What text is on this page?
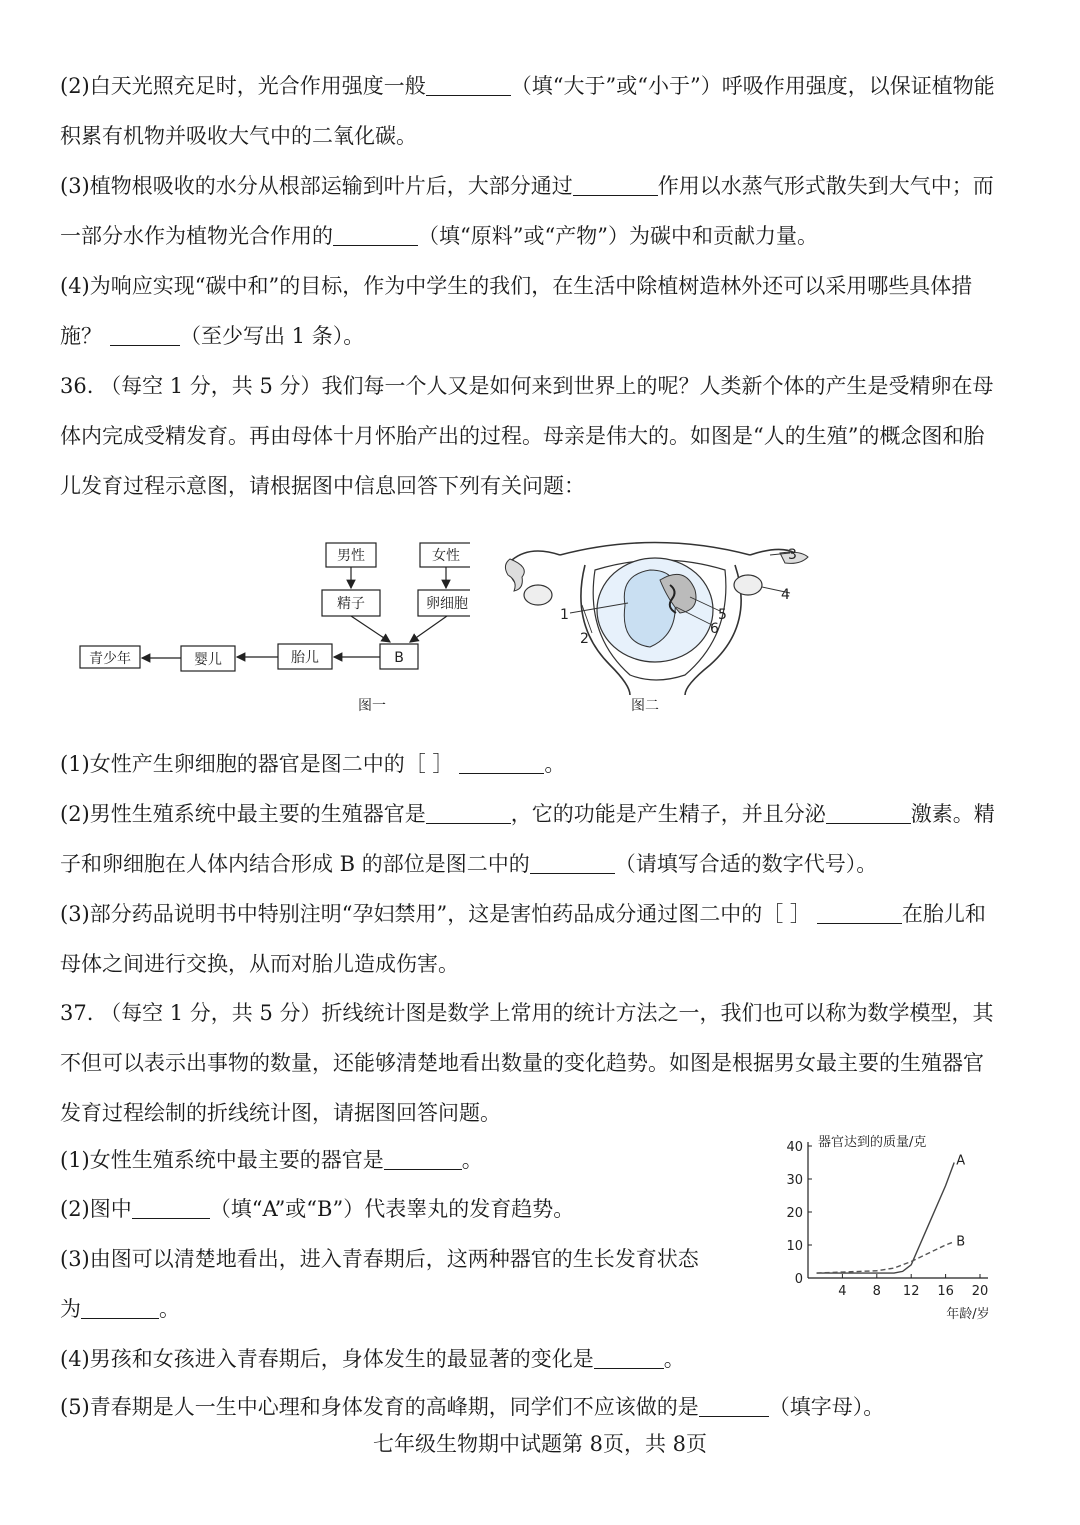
(2)白天光照充足时，光合作用强度一般	（填“大于”或“小于”）呼吸作用强度，以保证植物能
积累有机物并吸收大气中的二氧化碳。
(3)植物根吸收的水分从根部运输到叶片后，大部分通过	作用以水蒸气形式散失到大气中；而
一部分水作为植物光合作用的	（填“原料”或“产物”）为碳中和贡献力量。
(4)为响应实现“碳中和”的目标，作为中学生的我们，在生活中除植树造林外还可以采用哪些具体措
施？	（至少写出 1 条）。
36. （每空 1 分，共 5 分）我们每一个人又是如何来到世界上的呢？人类新个体的产生是受精卵在母
体内完成受精发育。再由母体十月怀胎产出的过程。母亲是伟大的。如图是“人的生殖”的概念图和胎
儿发育过程示意图，请根据图中信息回答下列有关问题：
男性	女性
精子	卵细胞
B
胎儿
婴儿
青少年
图一
1
2
3
4
5
6
图二
(1)女性产生卵细胞的器官是图二中的［ ］	。
(2)男性生殖系统中最主要的生殖器官是	，它的功能是产生精子，并且分泌	激素。精
子和卵细胞在人体内结合形成 B 的部位是图二中的	（请填写合适的数字代号）。
(3)部分药品说明书中特别注明“孕妇禁用”，这是害怕药品成分通过图二中的［ ］	在胎儿和
母体之间进行交换，从而对胎儿造成伤害。
37. （每空 1 分，共 5 分）折线统计图是数学上常用的统计方法之一，我们也可以称为数学模型，其
不但可以表示出事物的数量，还能够清楚地看出数量的变化趋势。如图是根据男女最主要的生殖器官
发育过程绘制的折线统计图，请据图回答问题。
(1)女性生殖系统中最主要的器官是	。
(2)图中	（填“A”或“B”）代表睾丸的发育趋势。
(3)由图可以清楚地看出，进入青春期后，这两种器官的生长发育状态
为	。
(4)男孩和女孩进入青春期后，身体发生的最显著的变化是	。
(5)青春期是人一生中心理和身体发育的高峰期，同学们不应该做的是	（填字母）。
0
10
20
30
40
4 8 12 16 20
A
B
器官达到的质量/克
年龄/岁
七年级生物期中试题第 8页，共 8页
